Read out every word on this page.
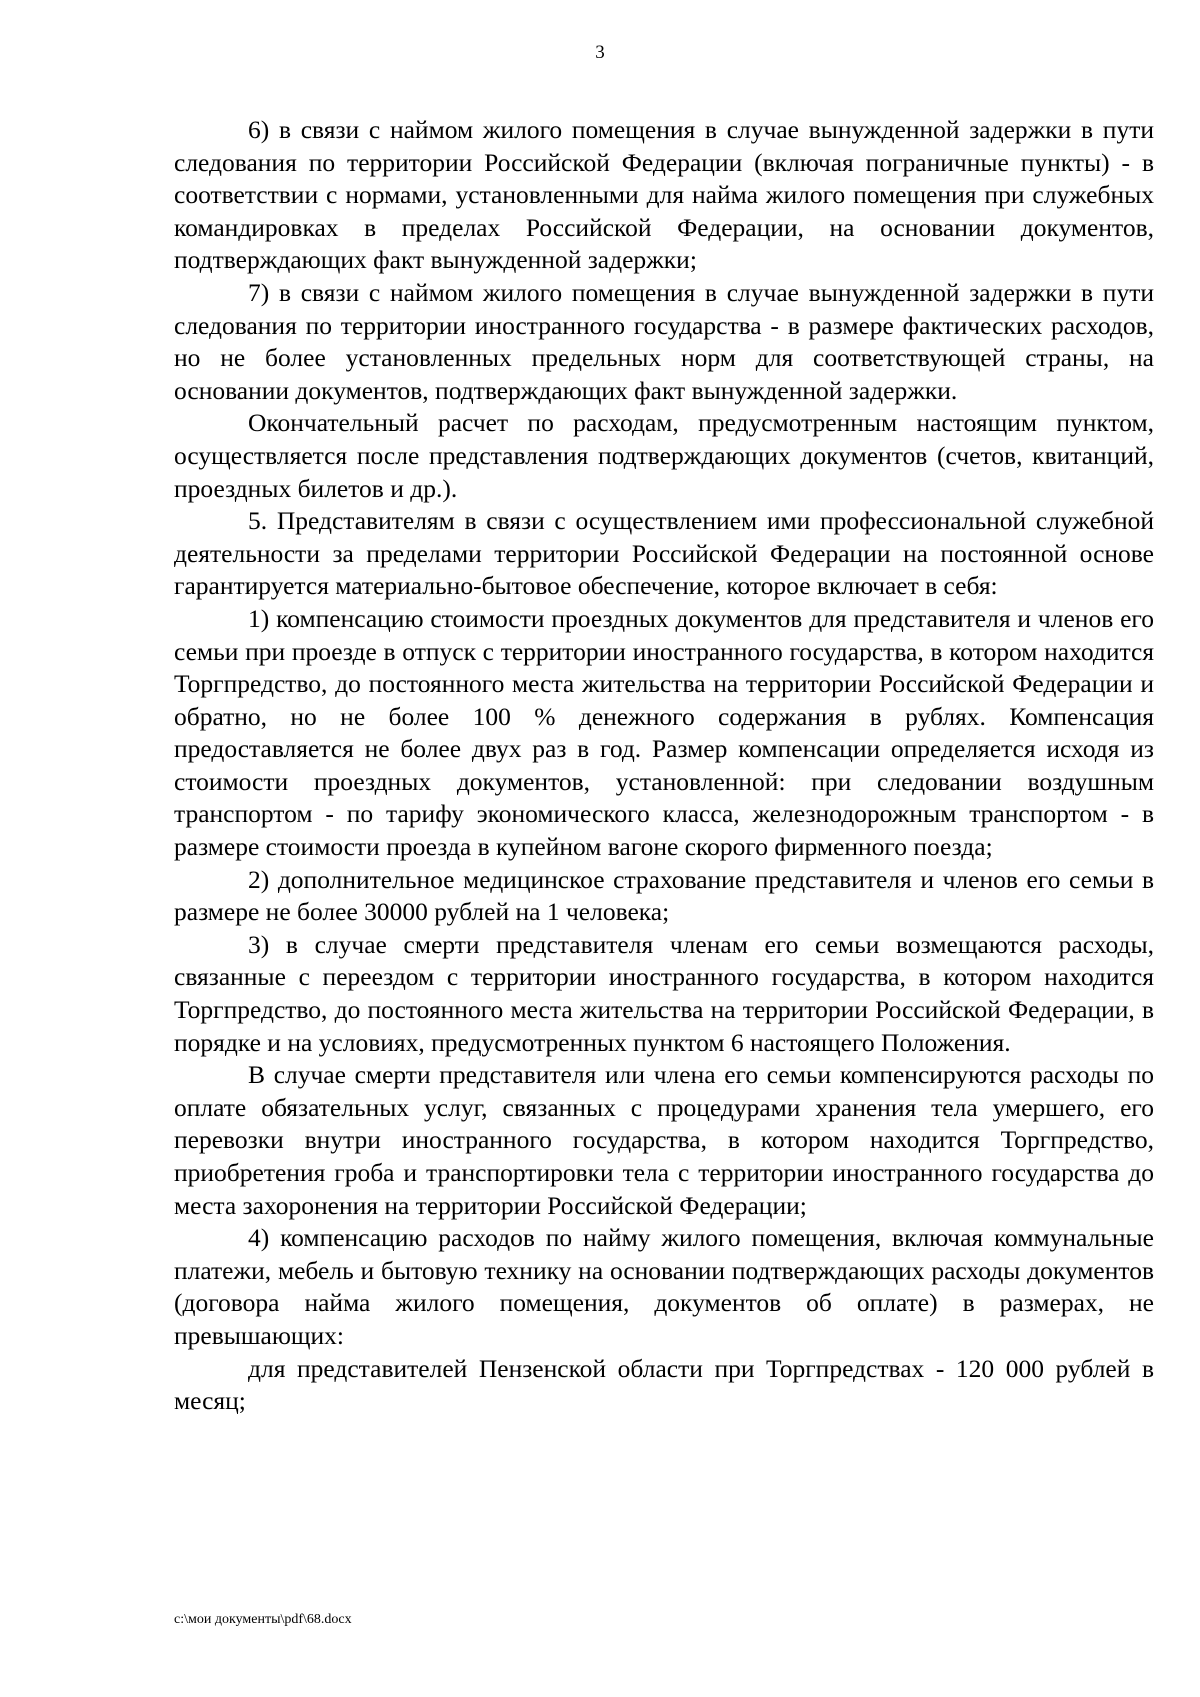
3

6) в связи с наймом жилого помещения в случае вынужденной задержки в пути следования по территории Российской Федерации (включая пограничные пункты) - в соответствии с нормами, установленными для найма жилого помещения при служебных командировках в пределах Российской Федерации, на основании документов, подтверждающих факт вынужденной задержки;

7) в связи с наймом жилого помещения в случае вынужденной задержки в пути следования по территории иностранного государства - в размере фактических расходов, но не более установленных предельных норм для соответствующей страны, на основании документов, подтверждающих факт вынужденной задержки.

Окончательный расчет по расходам, предусмотренным настоящим пунктом, осуществляется после представления подтверждающих документов (счетов, квитанций, проездных билетов и др.).

5. Представителям в связи с осуществлением ими профессиональной служебной деятельности за пределами территории Российской Федерации на постоянной основе гарантируется материально-бытовое обеспечение, которое включает в себя:

1) компенсацию стоимости проездных документов для представителя и членов его семьи при проезде в отпуск с территории иностранного государства, в котором находится Торгпредство, до постоянного места жительства на территории Российской Федерации и обратно, но не более 100 % денежного содержания в рублях. Компенсация предоставляется не более двух раз в год. Размер компенсации определяется исходя из стоимости проездных документов, установленной: при следовании воздушным транспортом - по тарифу экономического класса, железнодорожным транспортом - в размере стоимости проезда в купейном вагоне скорого фирменного поезда;

2) дополнительное медицинское страхование представителя и членов его семьи в размере не более 30000 рублей на 1 человека;

3) в случае смерти представителя членам его семьи возмещаются расходы, связанные с переездом с территории иностранного государства, в котором находится Торгпредство, до постоянного места жительства на территории Российской Федерации, в порядке и на условиях, предусмотренных пунктом 6 настоящего Положения.

В случае смерти представителя или члена его семьи компенсируются расходы по оплате обязательных услуг, связанных с процедурами хранения тела умершего, его перевозки внутри иностранного государства, в котором находится Торгпредство, приобретения гроба и транспортировки тела с территории иностранного государства до места захоронения на территории Российской Федерации;

4) компенсацию расходов по найму жилого помещения, включая коммунальные платежи, мебель и бытовую технику на основании подтверждающих расходы документов (договора найма жилого помещения, документов об оплате) в размерах, не превышающих:

для представителей Пензенской области при Торгпредствах - 120 000 рублей в месяц;

c:\мои документы\pdf\68.docx
